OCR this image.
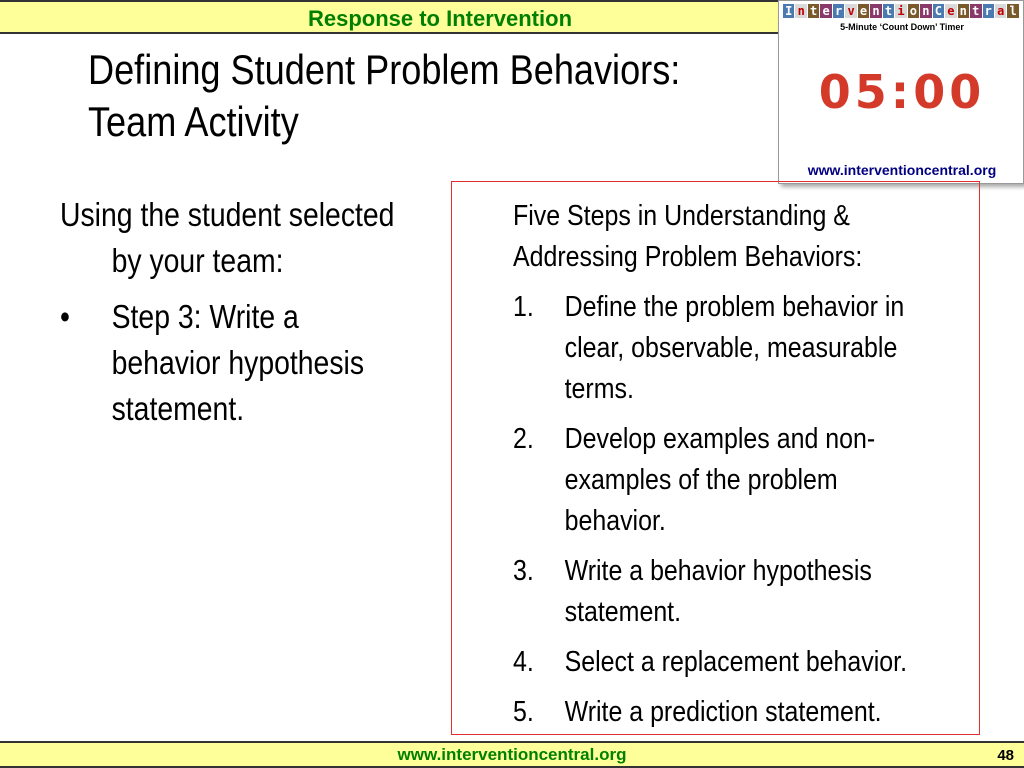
Response to Intervention
Defining Student Problem Behaviors:
Team Activity
I n t e r v e n t i o n C e n t r a l
5-Minute ‘Count Down’ Timer
05:00
www.interventioncentral.org
Using the student selected by your team:
•	Step 3: Write a behavior hypothesis statement.
Five Steps in Understanding & Addressing Problem Behaviors:
1.	Define the problem behavior in clear, observable, measurable terms.
2.	Develop examples and non-examples of the problem behavior.
3.	Write a behavior hypothesis statement.
4.	Select a replacement behavior.
5.	Write a prediction statement.
www.interventioncentral.org	48
